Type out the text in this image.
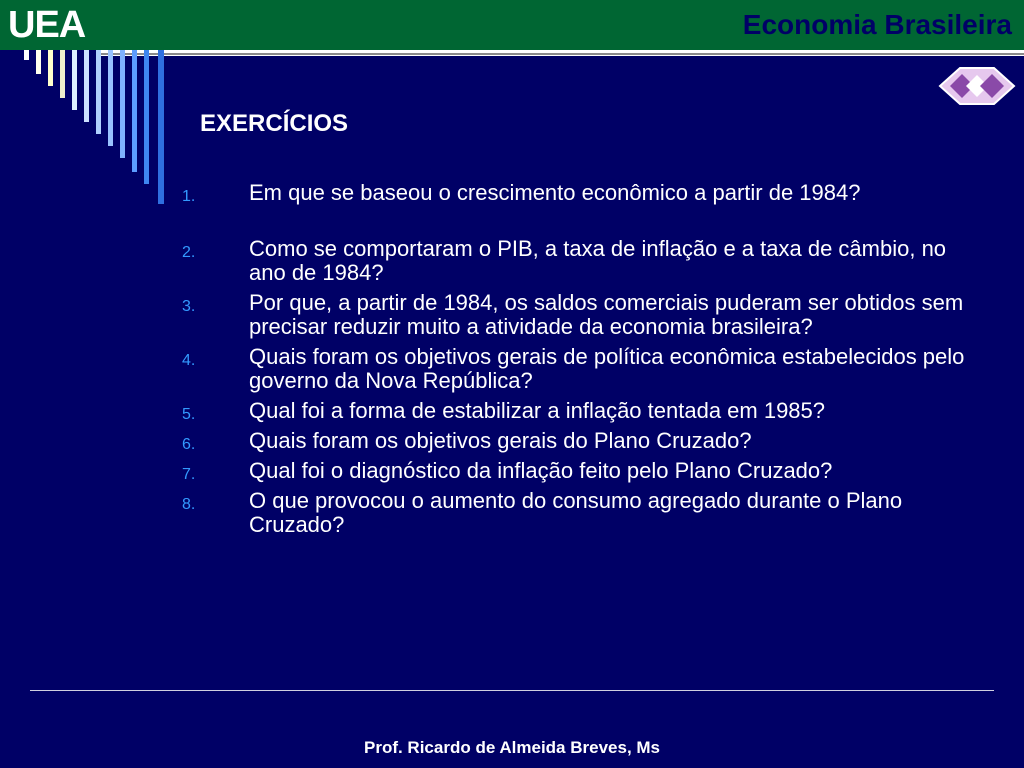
UEA	Economia Brasileira
EXERCÍCIOS
1. Em que se baseou o crescimento econômico a partir de 1984?
2. Como se comportaram o PIB, a taxa de inflação e a taxa de câmbio, no ano de 1984?
3. Por que, a partir de 1984, os saldos comerciais puderam ser obtidos sem precisar reduzir muito a atividade da economia brasileira?
4. Quais foram os objetivos gerais de política econômica estabelecidos pelo governo da Nova República?
5. Qual foi a forma de estabilizar a inflação tentada em 1985?
6. Quais foram os objetivos gerais do Plano Cruzado?
7. Qual foi o diagnóstico da inflação feito pelo Plano Cruzado?
8. O que provocou o aumento do consumo agregado durante o Plano Cruzado?
Prof. Ricardo de Almeida Breves, Ms
